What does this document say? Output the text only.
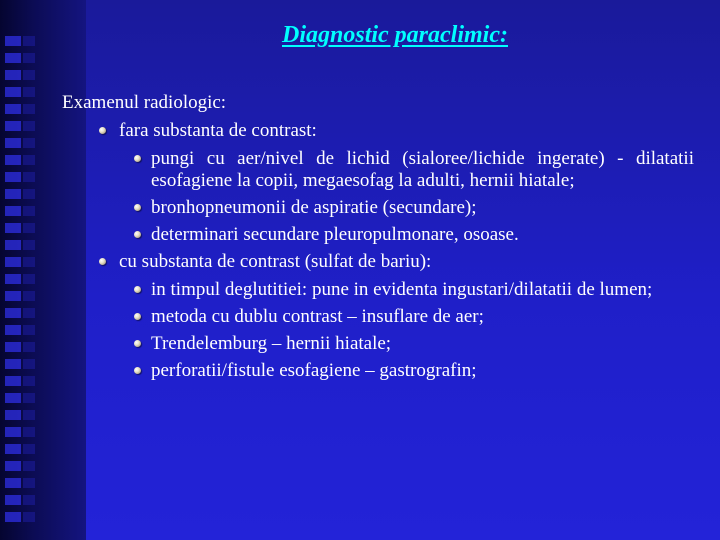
Diagnostic paraclimic:

Examenul radiologic:

fara substanta de contrast:
pungi cu aer/nivel de lichid (sialoree/lichide ingerate) - dilatatii esofagiene la copii, megaesofag la adulti, hernii hiatale;
bronhopneumonii de aspiratie (secundare);
determinari secundare pleuropulmonare, osoase.
cu substanta de contrast (sulfat de bariu):
in timpul deglutitiei: pune in evidenta ingustari/dilatatii de lumen;
metoda cu dublu contrast – insuflare de aer;
Trendelemburg – hernii hiatale;
perforatii/fistule esofagiene – gastrografin;
